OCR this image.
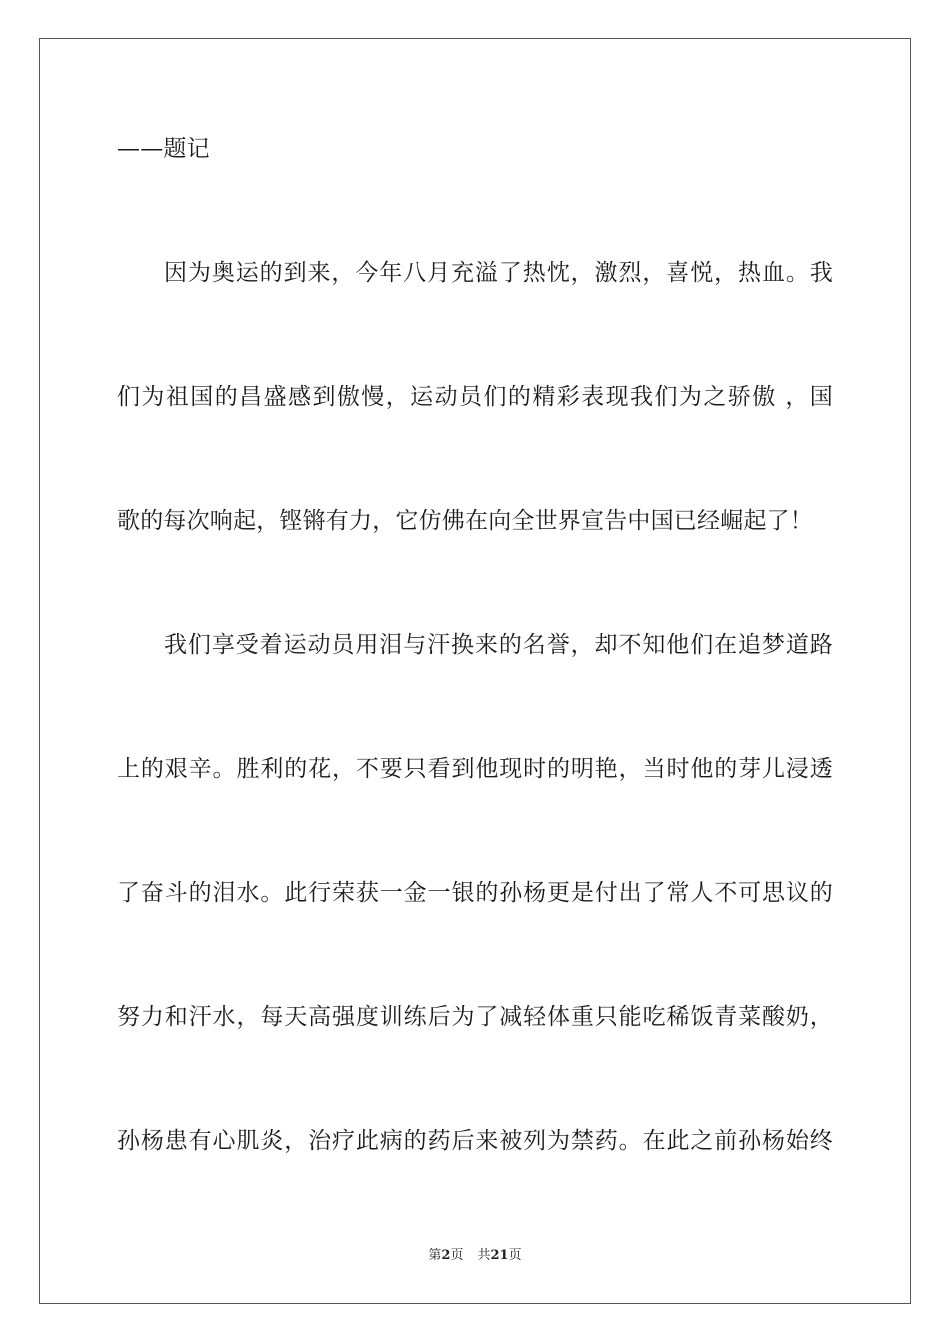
——题记
因为奥运的到来，今年八月充溢了热忱，激烈，喜悦，热血。我
们为祖国的昌盛感到傲慢，运动员们的精彩表现我们为之骄傲 ，国
歌的每次响起，铿锵有力，它仿佛在向全世界宣告中国已经崛起了！
我们享受着运动员用泪与汗换来的名誉，却不知他们在追梦道路
上的艰辛。胜利的花，不要只看到他现时的明艳，当时他的芽儿浸透
了奋斗的泪水。此行荣获一金一银的孙杨更是付出了常人不可思议的
努力和汗水，每天高强度训练后为了减轻体重只能吃稀饭青菜酸奶，
孙杨患有心肌炎，治疗此病的药后来被列为禁药。在此之前孙杨始终
第2页 共21页
